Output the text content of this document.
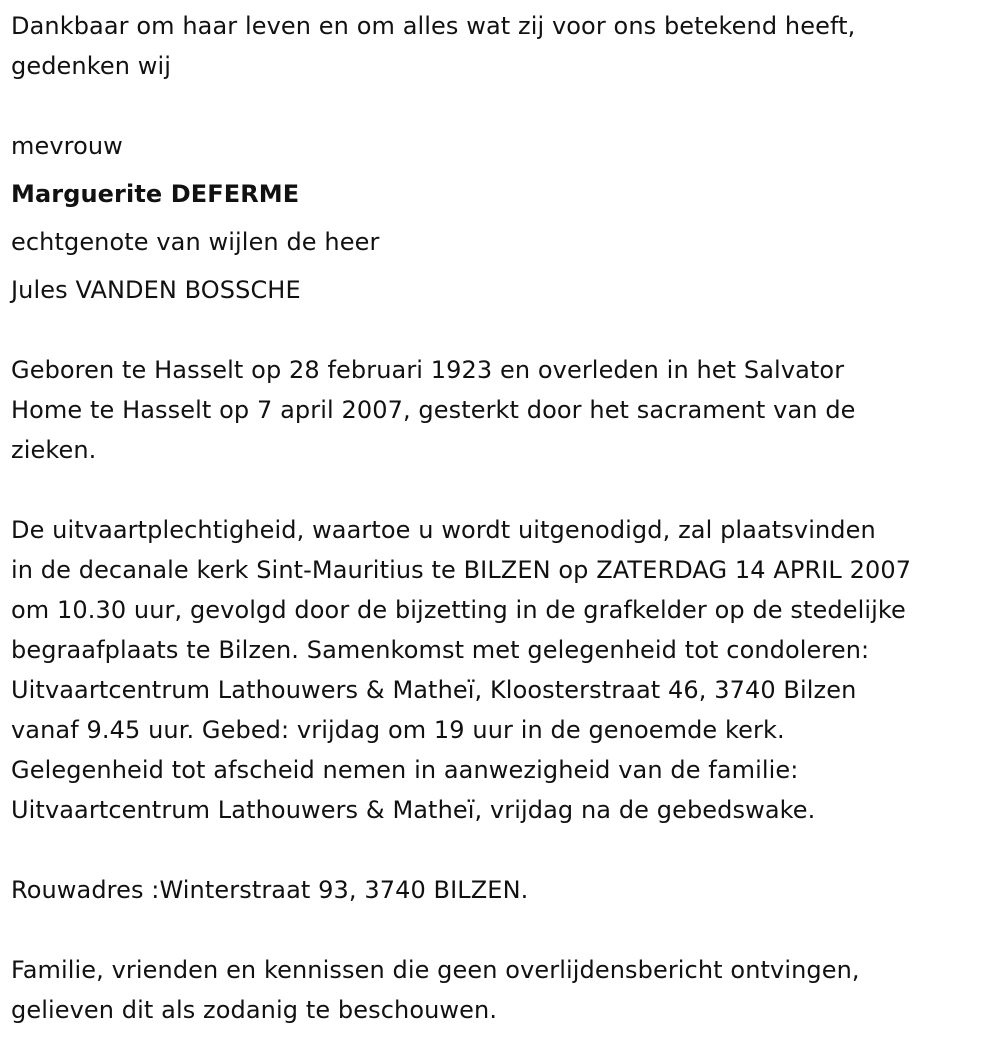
Dankbaar om haar leven en om alles wat zij voor ons betekend heeft,
gedenken wij
mevrouw
Marguerite DEFERME
echtgenote van wijlen de heer
Jules VANDEN BOSSCHE
Geboren te Hasselt op 28 februari 1923 en overleden in het Salvator
Home te Hasselt op 7 april 2007, gesterkt door het sacrament van de
zieken.
De uitvaartplechtigheid, waartoe u wordt uitgenodigd, zal plaatsvinden
in de decanale kerk Sint-Mauritius te BILZEN op ZATERDAG 14 APRIL 2007
om 10.30 uur, gevolgd door de bijzetting in de grafkelder op de stedelijke
begraafplaats te Bilzen. Samenkomst met gelegenheid tot condoleren:
Uitvaartcentrum Lathouwers & Matheï, Kloosterstraat 46, 3740 Bilzen
vanaf 9.45 uur. Gebed: vrijdag om 19 uur in de genoemde kerk.
Gelegenheid tot afscheid nemen in aanwezigheid van de familie:
Uitvaartcentrum Lathouwers & Matheï, vrijdag na de gebedswake.
Rouwadres :Winterstraat 93, 3740 BILZEN.
Familie, vrienden en kennissen die geen overlijdensbericht ontvingen,
gelieven dit als zodanig te beschouwen.
